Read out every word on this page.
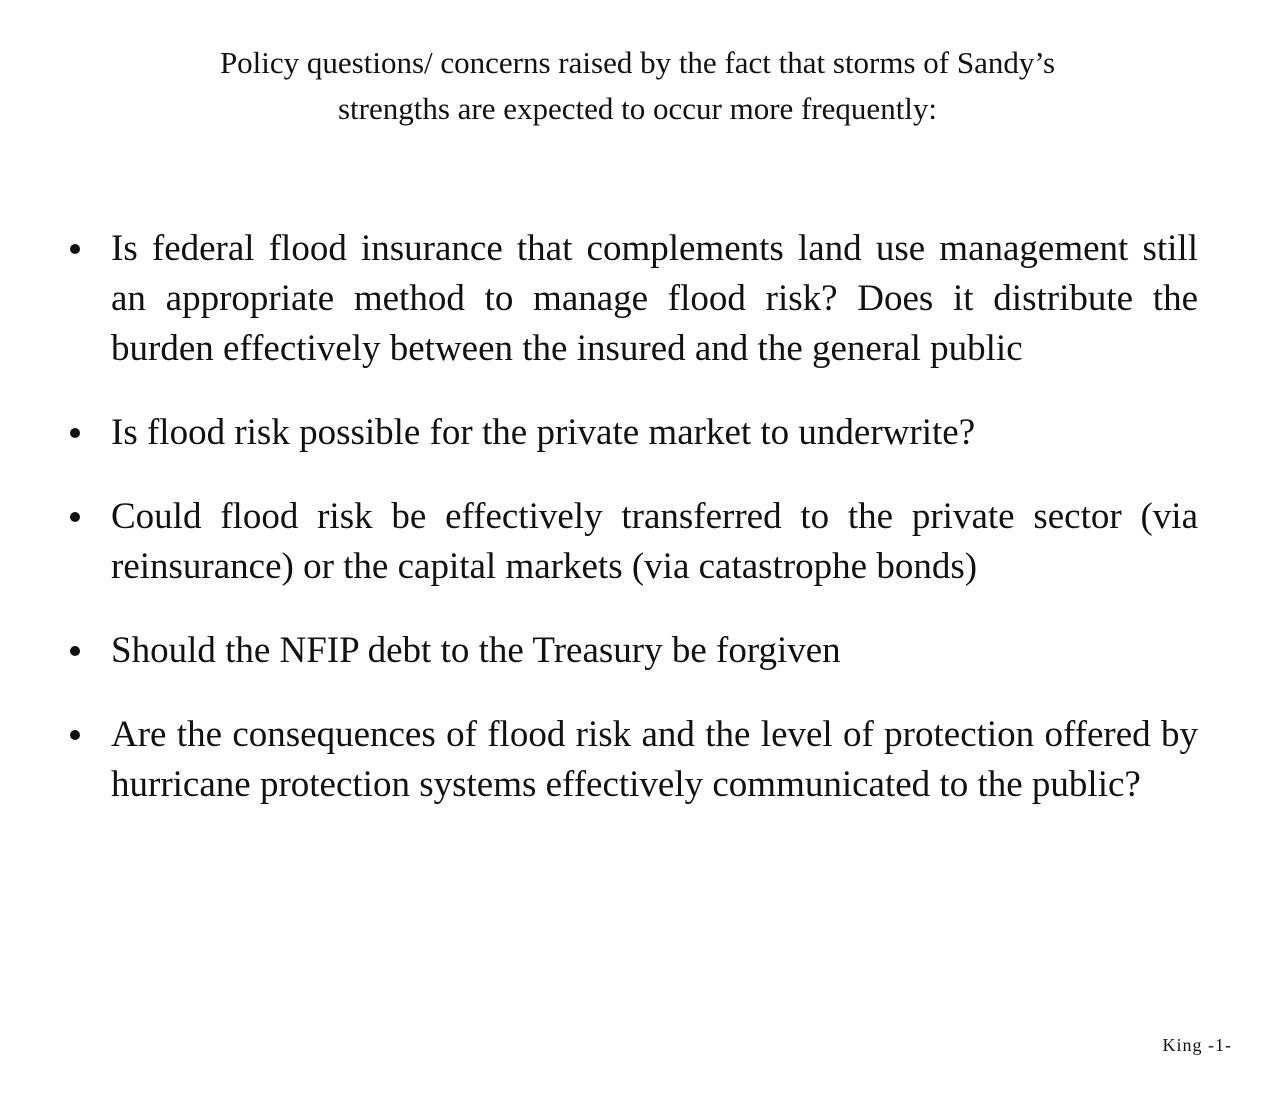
Policy questions/ concerns raised by the fact that storms of Sandy’s
strengths are expected to occur more frequently:
Is federal flood insurance that complements land use management still an appropriate method to manage flood risk? Does it distribute the burden effectively between the insured and the general public
Is flood risk possible for the private market to underwrite?
Could flood risk be effectively transferred to the private sector (via reinsurance) or the capital markets (via catastrophe bonds)
Should the NFIP debt to the Treasury be forgiven
Are the consequences of flood risk and the level of protection offered by hurricane protection systems effectively communicated to the public?
King -1-
